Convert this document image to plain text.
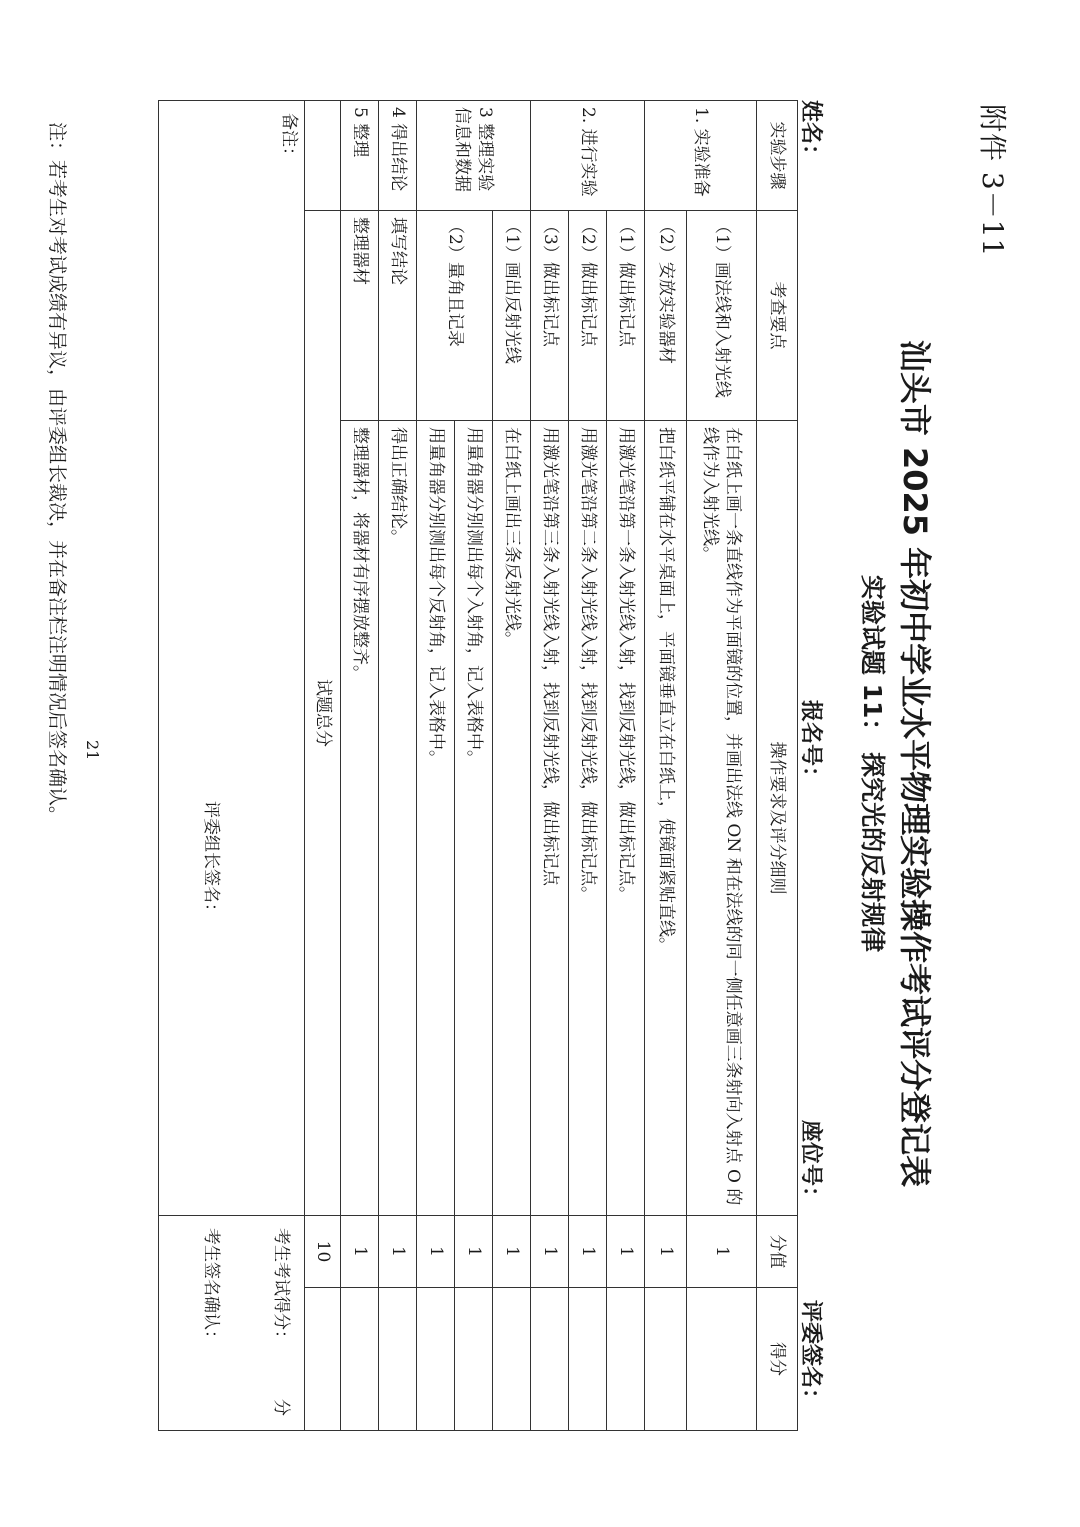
附件 3－11
汕头市 2025 年初中学业水平物理实验操作考试评分登记表
实验试题 11： 探究光的反射规律
姓名：
报名号：
座位号：
评委签名：
实验步骤	考查要点	操作要求及评分细则	分值	得分
1. 实验准备	（1）画法线和入射光线	在白纸上画一条直线作为平面镜的位置，并画出法线 ON 和在法线的同一侧任意画三条射向入射点 O 的线作为入射光线。	1	
	（2）安放实验器材	把白纸平铺在水平桌面上，平面镜垂直立在白纸上，使镜面紧贴直线。	1	
2. 进行实验	（1）做出标记点	用激光笔沿第一条入射光线入射，找到反射光线，做出标记点。	1	
	（2）做出标记点	用激光笔沿第二条入射光线入射，找到反射光线，做出标记点。	1	
	（3）做出标记点	用激光笔沿第三条入射光线入射，找到反射光线，做出标记点	1	
3 整理实验信息和数据	（1）画出反射光线	在白纸上画出三条反射光线。	1	
	（2）量角且记录	用量角器分别测出每个入射角，记入表格中。	1	
		用量角器分别测出每个反射角，记入表格中。	1	
4 得出结论	填写结论	得出正确结论。	1	
5 整理	整理器材	整理器材，将器材有序摆放整齐。	1	
	试题总分		10	

备注：
评委组长签名：			考生考试得分：
分
考生签名确认：	
21
注：若考生对考试成绩有异议，由评委组长裁决，并在备注栏注明情况后签名确认。
